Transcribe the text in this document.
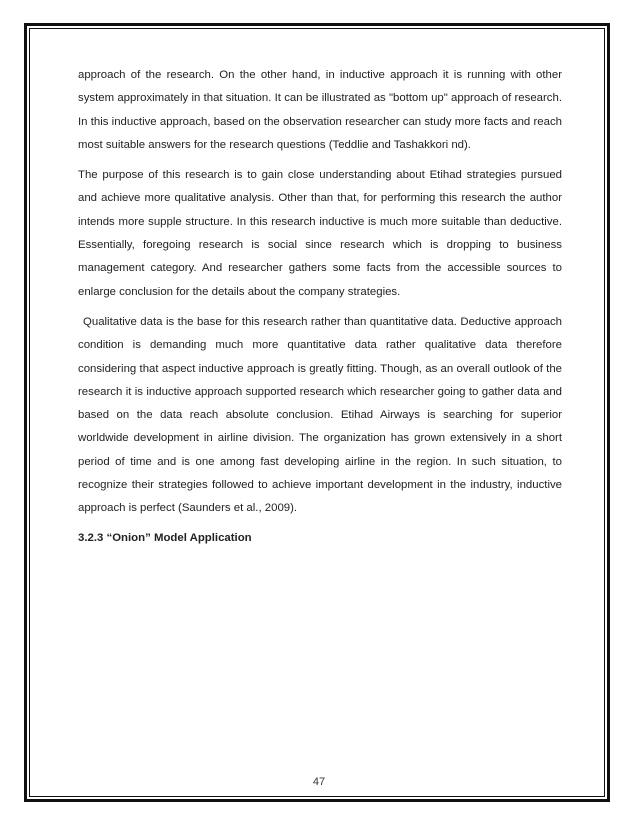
approach of the research. On the other hand, in inductive approach it is running with other system approximately in that situation. It can be illustrated as "bottom up" approach of research. In this inductive approach, based on the observation researcher can study more facts and reach most suitable answers for the research questions (Teddlie and Tashakkori nd).

The purpose of this research is to gain close understanding about Etihad strategies pursued and achieve more qualitative analysis. Other than that, for performing this research the author intends more supple structure. In this research inductive is much more suitable than deductive. Essentially, foregoing research is social since research which is dropping to business management category. And researcher gathers some facts from the accessible sources to enlarge conclusion for the details about the company strategies.

Qualitative data is the base for this research rather than quantitative data. Deductive approach condition is demanding much more quantitative data rather qualitative data therefore considering that aspect inductive approach is greatly fitting. Though, as an overall outlook of the research it is inductive approach supported research which researcher going to gather data and based on the data reach absolute conclusion. Etihad Airways is searching for superior worldwide development in airline division. The organization has grown extensively in a short period of time and is one among fast developing airline in the region. In such situation, to recognize their strategies followed to achieve important development in the industry, inductive approach is perfect (Saunders et al., 2009).

3.2.3 “Onion” Model Application
47
